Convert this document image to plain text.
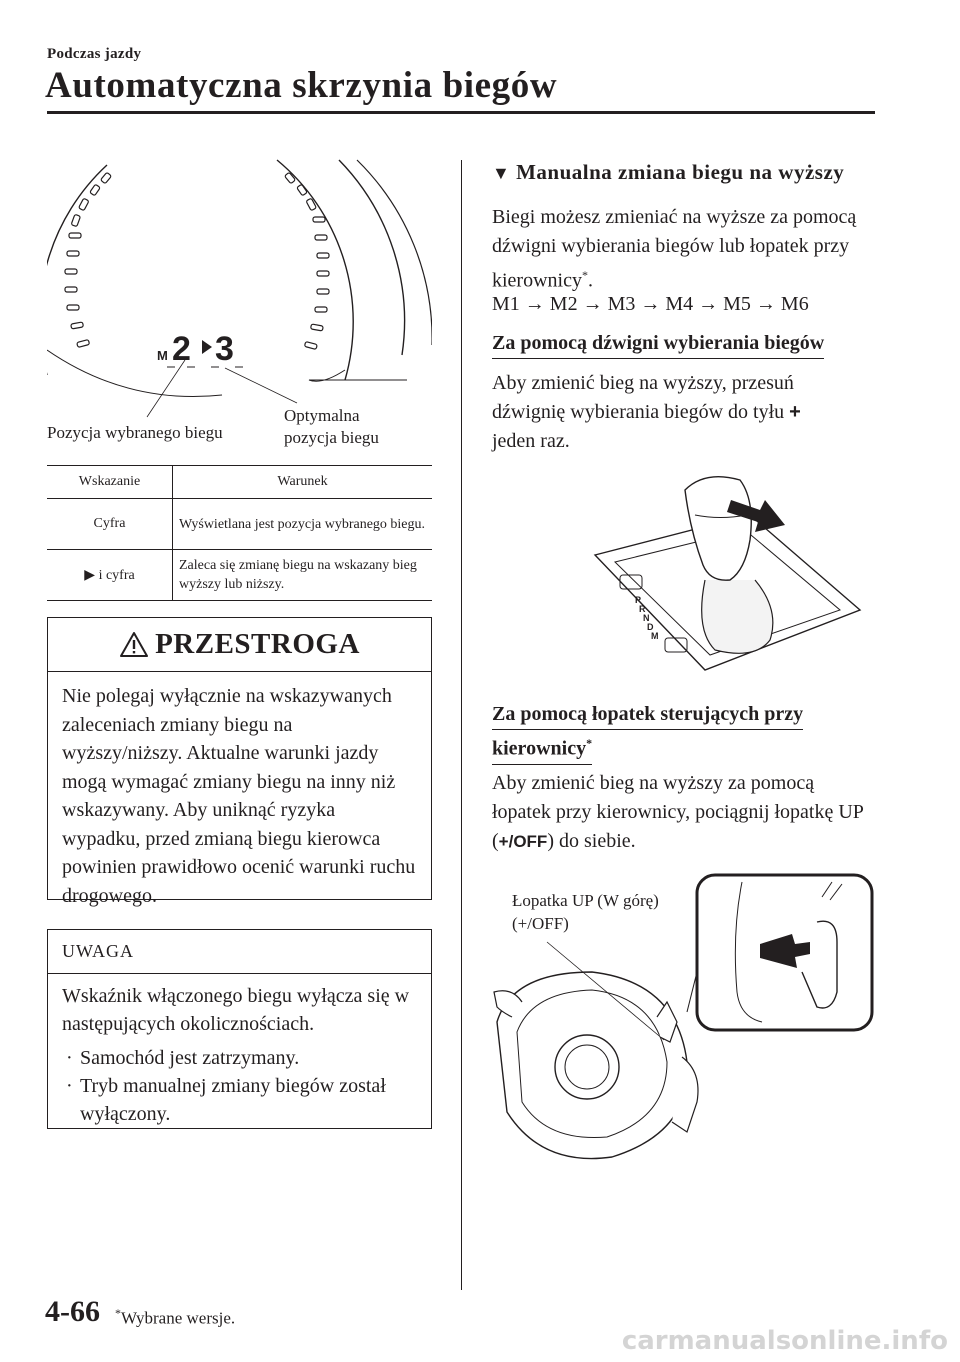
Podczas jazdy
Automatyczna skrzynia biegów
M 2 3
Pozycja wybranego biegu
Optymalna
pozycja biegu
Wskazanie	Warunek
Cyfra	Wyświetlana jest pozycja wybranego biegu.
▶ i cyfra	Zaleca się zmianę biegu na wskazany bieg wyższy lub niższy.
PRZESTROGA
Nie polegaj wyłącznie na wskazywanych zaleceniach zmiany biegu na wyższy/niższy. Aktualne warunki jazdy mogą wymagać zmiany biegu na inny niż wskazywany. Aby uniknąć ryzyka wypadku, przed zmianą biegu kierowca powinien prawidłowo ocenić warunki ruchu drogowego.
UWAGA
Wskaźnik włączonego biegu wyłącza się w następujących okolicznościach.
· Samochód jest zatrzymany.
· Tryb manualnej zmiany biegów został wyłączony.
▼ Manualna zmiana biegu na wyższy
Biegi możesz zmieniać na wyższe za pomocą dźwigni wybierania biegów lub łopatek przy kierownicy*.
M1 → M2 → M3 → M4 → M5 → M6
Za pomocą dźwigni wybierania biegów
Aby zmienić bieg na wyższy, przesuń dźwignię wybierania biegów do tyłu +
jeden raz.
P
R
N
D
M
Za pomocą łopatek sterujących przy
kierownicy*
Aby zmienić bieg na wyższy za pomocą łopatek przy kierownicy, pociągnij łopatkę UP (+/OFF) do siebie.
Łopatka UP (W górę)
(+/OFF)
4-66 *Wybrane wersje.
carmanualsonline.info
